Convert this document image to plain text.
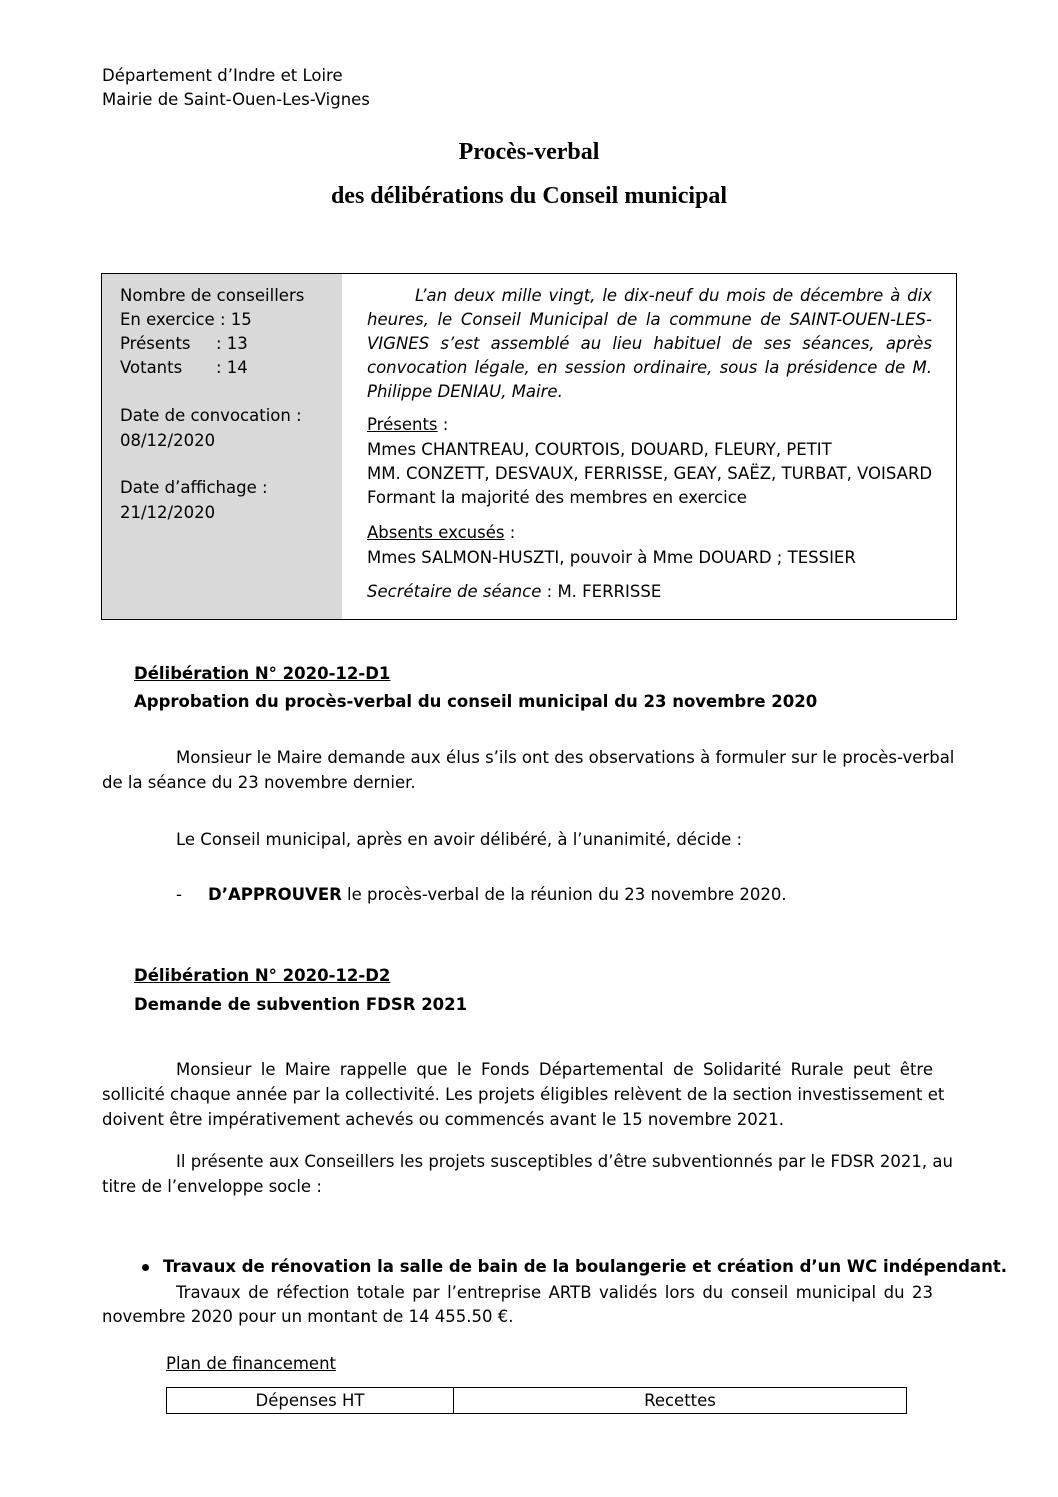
Département d’Indre et Loire
Mairie de Saint-Ouen-Les-Vignes
Procès-verbal
des délibérations du Conseil municipal
Nombre de conseillers
En exercice : 15
Présents : 13
Votants : 14
Date de convocation :
08/12/2020
Date d’affichage :
21/12/2020
L’an deux mille vingt, le dix-neuf du mois de décembre à dix
heures, le Conseil Municipal de la commune de SAINT-OUEN-LES-
VIGNES s’est assemblé au lieu habituel de ses séances, après
convocation légale, en session ordinaire, sous la présidence de M.
Philippe DENIAU, Maire.
Présents :
Mmes CHANTREAU, COURTOIS, DOUARD, FLEURY, PETIT
MM. CONZETT, DESVAUX, FERRISSE, GEAY, SAËZ, TURBAT, VOISARD
Formant la majorité des membres en exercice
Absents excusés :
Mmes SALMON-HUSZTI, pouvoir à Mme DOUARD ; TESSIER
Secrétaire de séance : M. FERRISSE
Délibération N° 2020-12-D1
Approbation du procès-verbal du conseil municipal du 23 novembre 2020
Monsieur le Maire demande aux élus s’ils ont des observations à formuler sur le procès-verbal
de la séance du 23 novembre dernier.
Le Conseil municipal, après en avoir délibéré, à l’unanimité, décide :
- D’APPROUVER le procès-verbal de la réunion du 23 novembre 2020.
Délibération N° 2020-12-D2
Demande de subvention FDSR 2021
Monsieur le Maire rappelle que le Fonds Départemental de Solidarité Rurale peut être
sollicité chaque année par la collectivité. Les projets éligibles relèvent de la section investissement et
doivent être impérativement achevés ou commencés avant le 15 novembre 2021.
Il présente aux Conseillers les projets susceptibles d’être subventionnés par le FDSR 2021, au
titre de l’enveloppe socle :
Travaux de rénovation la salle de bain de la boulangerie et création d’un WC indépendant.
Travaux de réfection totale par l’entreprise ARTB validés lors du conseil municipal du 23
novembre 2020 pour un montant de 14 455.50 €.
Plan de financement
Dépenses HT	Recettes
